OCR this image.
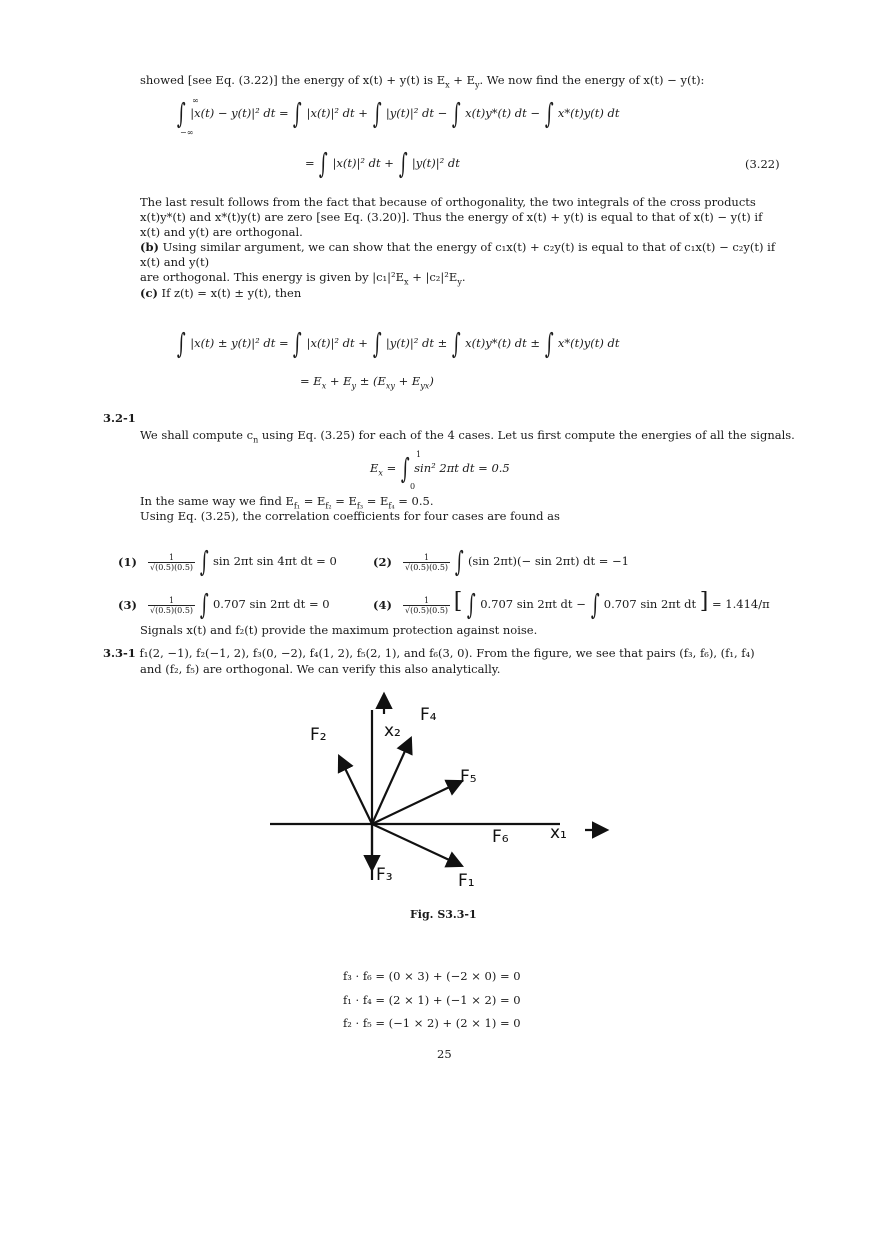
showed [see Eq. (3.22)] the energy of x(t) + y(t) is $E_x + E_y$. We now find the energy of x(t) − y(t):
∫ |x(t) − y(t)|² dt = ∫ |x(t)|² dt + ∫ |y(t)|² dt − ∫ x(t)y*(t) dt − ∫ x*(t)y(t) dt
∞
−∞
= ∫ |x(t)|² dt + ∫ |y(t)|² dt	(3.22)
The last result follows from the fact that because of orthogonality, the two integrals of the cross products
x(t)y*(t) and x*(t)y(t) are zero [see Eq. (3.20)]. Thus the energy of x(t) + y(t) is equal to that of x(t) − y(t) if
x(t) and y(t) are orthogonal.
(b) Using similar argument, we can show that the energy of c₁x(t) + c₂y(t) is equal to that of c₁x(t) − c₂y(t) if
x(t) and y(t)
are orthogonal. This energy is given by $|c_1|^2E_x + |c_2|^2E_y$.
(c) If z(t) = x(t) ± y(t), then
∫ |x(t) ± y(t)|² dt = ∫ |x(t)|² dt + ∫ |y(t)|² dt ± ∫ x(t)y*(t) dt ± ∫ x*(t)y(t) dt
= $E_x + E_y \pm (E_{xy} + E_{yx})$
3.2-1
We shall compute $c_n$ using Eq. (3.25) for each of the 4 cases. Let us first compute the energies of all the signals.
$E_x$ = ∫ sin² 2πt dt = 0.5
1
0
In the same way we find $E_{f_1} = E_{f_2} = E_{f_3} = E_{f_4} = 0.5$.
Using Eq. (3.25), the correlation coefficients for four cases are found as
$(1) \frac{1}{√(0.5)(0.5)}$ ∫ sin 2πt sin 4πt dt = 0	$(2) \frac{1}{√(0.5)(0.5)}$ ∫ (sin 2πt)(− sin 2πt) dt = −1
$(3) \frac{1}{√(0.5)(0.5)}$ ∫ 0.707 sin 2πt dt = 0	$(4) \frac{1}{√(0.5)(0.5)}$ [ ∫ 0.707 sin 2πt dt − ∫ 0.707 sin 2πt dt ] = 1.414/π
Signals x(t) and f₂(t) provide the maximum protection against noise.
3.3-1 f₁(2, −1), f₂(−1, 2), f₃(0, −2), f₄(1, 2), f₅(2, 1), and f₆(3, 0). From the figure, we see that pairs (f₃, f₆), (f₁, f₄)
and (f₂, f₅) are orthogonal. We can verify this also analytically.
x₂
F₂
F₄
F₅
F₆ x₁
F₃	F₁
Fig. S3.3-1
f₃ · f₆ = (0 × 3) + (−2 × 0) = 0
f₁ · f₄ = (2 × 1) + (−1 × 2) = 0
f₂ · f₅ = (−1 × 2) + (2 × 1) = 0
25
